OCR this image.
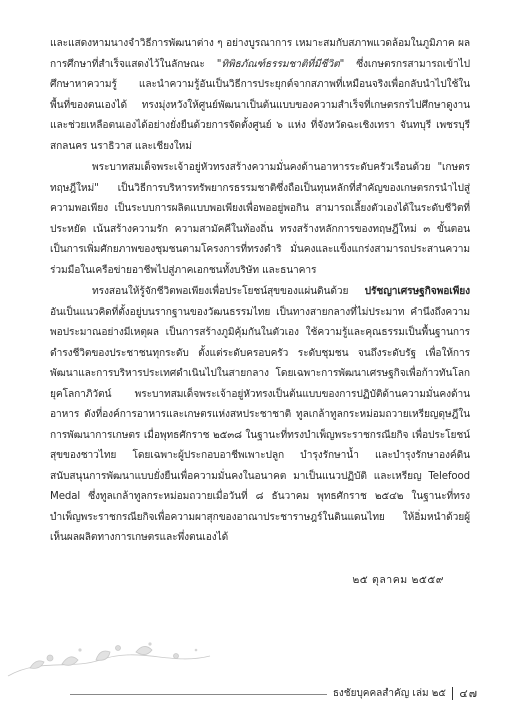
และแสดงหามนางจำวิธีการพัฒนาต่าง ๆ อย่างบูรณาการ เหมาะสมกับสภาพแวดล้อมในภูมิภาค ผลการศึกษาที่สำเร็จแสดงไว้ในลักษณะ "ทิพิธภัณฑ์ธรรมชาติที่มีชีวิต" ซึ่งเกษตรกรสามารถเข้าไปศึกษาหาความรู้ และนำความรู้อันเป็นวิธีการประยุกต์จากสภาพที่เหมือนจริงเพื่อกลับนำไปใช้ในพื้นที่ของตนเองได้ ทรงมุ่งหวังให้ศูนย์พัฒนาเป็นต้นแบบของความสำเร็จที่เกษตรกรไปศึกษาดูงานและช่วยเหลือตนเองได้อย่างยั่งยืนด้วยการจัดตั้งศูนย์ ๖ แห่ง ที่จังหวัดฉะเชิงเทรา จันทบุรี เพชรบุรี สกลนคร นราธิวาส และเชียงใหม่

พระบาทสมเด็จพระเจ้าอยู่หัวทรงสร้างความมั่นคงด้านอาหารระดับครัวเรือนด้วย "เกษตรทฤษฎีใหม่" เป็นวิธีการบริหารทรัพยากรธรรมชาติซึ่งถือเป็นทุนหลักที่สำคัญของเกษตรกรนำไปสู่ความพอเพียง เป็นระบบการผลิตแบบพอเพียงเพื่อพออยู่พอกิน สามารถเลี้ยงตัวเองได้ในระดับชีวิตที่ประหยัด เน้นสร้างความรัก ความสามัคคีในท้องถิ่น ทรงสร้างหลักการของทฤษฎีใหม่ ๓ ขั้นตอน เป็นการเพิ่มศักยภาพของชุมชนตามโครงการที่ทรงดำริ มั่นคงและแข็งแกร่งสามารถประสานความร่วมมือในเครือข่ายอาชีพไปสู่ภาคเอกชนทั้งบริษัท และธนาคาร

ทรงสอนให้รู้จักชีวิตพอเพียงเพื่อประโยชน์สุขของแผ่นดินด้วย ปรัชญาเศรษฐกิจพอเพียง อันเป็นแนวคิดที่ตั้งอยู่บนรากฐานของวัฒนธรรมไทย เป็นทางสายกลางที่ไม่ประมาท คำนึงถึงความพอประมาณอย่างมีเหตุผล เป็นการสร้างภูมิคุ้มกันในตัวเอง ใช้ความรู้และคุณธรรมเป็นพื้นฐานการดำรงชีวิตของประชาชนทุกระดับ ตั้งแต่ระดับครอบครัว ระดับชุมชน จนถึงระดับรัฐ เพื่อให้การพัฒนาและการบริหารประเทศดำเนินไปในสายกลาง โดยเฉพาะการพัฒนาเศรษฐกิจเพื่อก้าวทันโลกยุคโลกาภิวัตน์ พระบาทสมเด็จพระเจ้าอยู่หัวทรงเป็นต้นแบบของการปฏิบัติด้านความมั่นคงด้านอาหาร ดังที่องค์การอาหารและเกษตรแห่งสหประชาชาติ ทูลเกล้าทูลกระหม่อมถวายเหรียญดุษฎีในการพัฒนาการเกษตร เมื่อพุทธศักราช ๒๕๓๘ ในฐานะที่ทรงบำเพ็ญพระราชกรณียกิจ เพื่อประโยชน์สุขของชาวไทย โดยเฉพาะผู้ประกอบอาชีพเพาะปลูก บำรุงรักษาน้ำ และบำรุงรักษาองค์ดินสนับสนุนการพัฒนาแบบยั่งยืนเพื่อความมั่นคงในอนาคต มาเป็นแนวปฏิบัติ และเหรียญ Telefood Medal ซึ่งทูลเกล้าทูลกระหม่อมถวายเมื่อวันที่ ๘ ธันวาคม พุทธศักราช ๒๕๔๒ ในฐานะที่ทรงบำเพ็ญพระราชกรณียกิจเพื่อความผาสุกของอาณาประชาราษฎร์ในดินแดนไทย ให้อิ่มหนำด้วยผู้เห็นผลผลิตทางการเกษตรและพึ่งตนเองได้

๒๕ ตุลาคม ๒๕๕๙
ธงชัยบุคคลสำคัญ เล่ม ๒๕ ๔๗
